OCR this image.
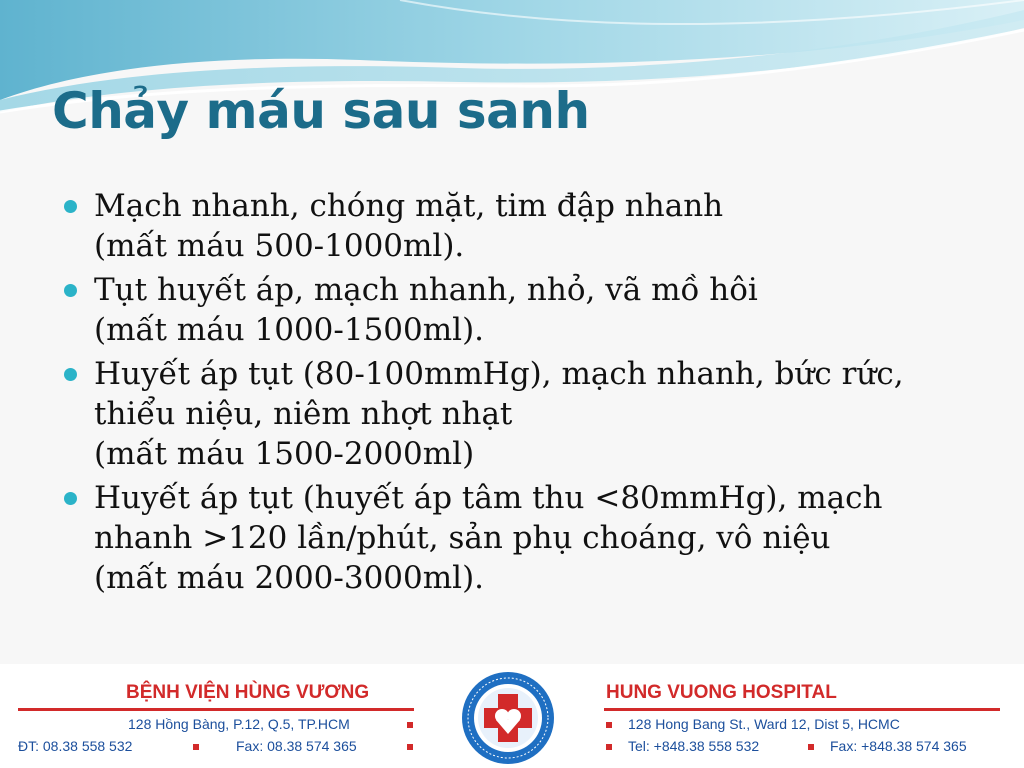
Chảy máu sau sanh
Mạch nhanh, chóng mặt, tim đập nhanh
(mất máu 500-1000ml).
Tụt huyết áp, mạch nhanh, nhỏ, vã mồ hôi
(mất máu 1000-1500ml).
Huyết áp tụt (80-100mmHg), mạch nhanh, bức rức,
thiểu niệu, niêm nhợt nhạt
(mất máu 1500-2000ml)
Huyết áp tụt (huyết áp tâm thu <80mmHg), mạch
nhanh >120 lần/phút, sản phụ choáng, vô niệu
(mất máu 2000-3000ml).
BỆNH VIỆN HÙNG VƯƠNG
128 Hồng Bàng, P.12, Q.5, TP.HCM
ĐT: 08.38 558 532	Fax: 08.38 574 365
HUNG VUONG HOSPITAL
128 Hong Bang St., Ward 12, Dist 5, HCMC
Tel: +848.38 558 532	Fax: +848.38 574 365
